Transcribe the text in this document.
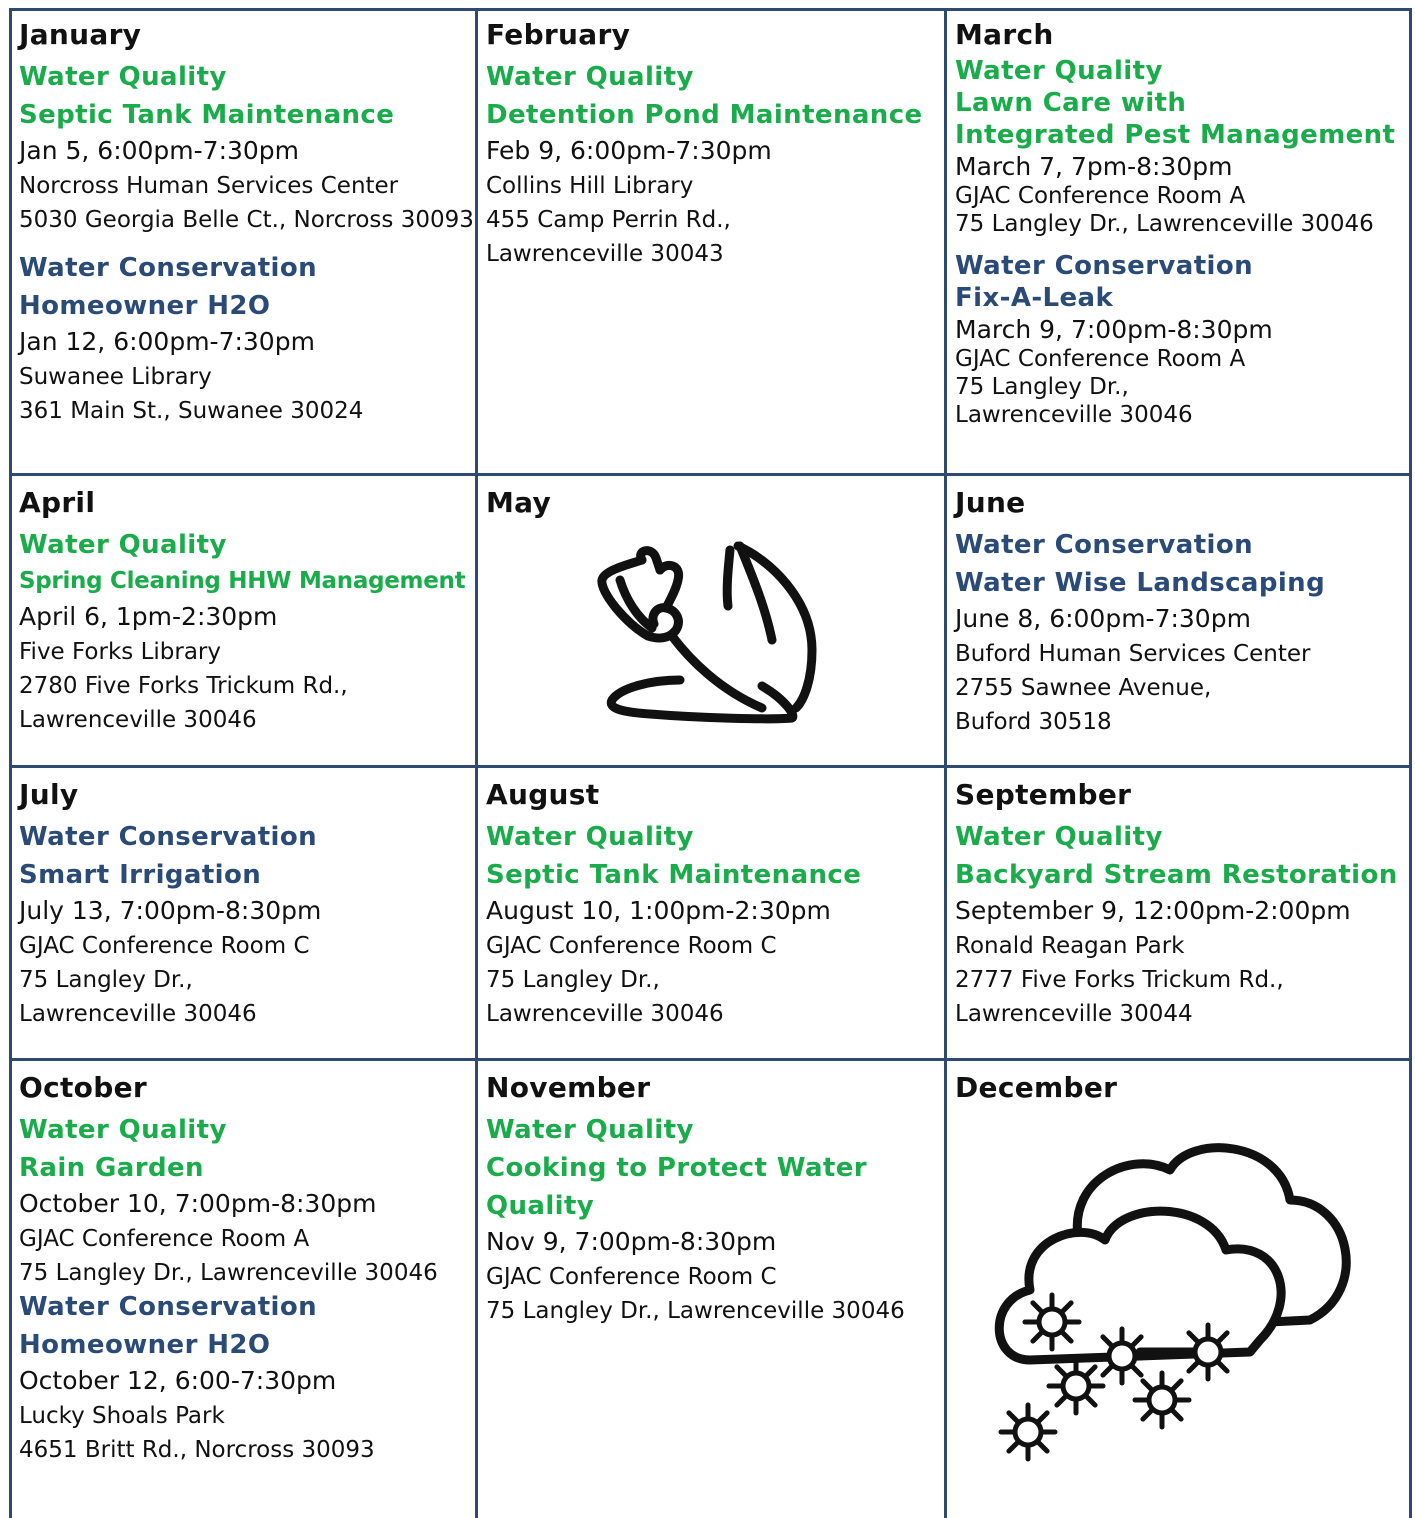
January

Water Quality

Septic Tank Maintenance

Jan 5, 6:00pm-7:30pm

Norcross Human Services Center

5030 Georgia Belle Ct., Norcross 30093

Water Conservation

Homeowner H2O

Jan 12, 6:00pm-7:30pm

Suwanee Library

361 Main St., Suwanee 30024

February

Water Quality

Detention Pond Maintenance

Feb 9, 6:00pm-7:30pm

Collins Hill Library

455 Camp Perrin Rd.,

Lawrenceville 30043

March

Water Quality

Lawn Care with

Integrated Pest Management

March 7, 7pm-8:30pm

GJAC Conference Room A

75 Langley Dr., Lawrenceville 30046

Water Conservation

Fix-A-Leak

March 9, 7:00pm-8:30pm

GJAC Conference Room A

75 Langley Dr.,

Lawrenceville 30046

April

Water Quality

Spring Cleaning HHW Management

April 6, 1pm-2:30pm

Five Forks Library

2780 Five Forks Trickum Rd.,

Lawrenceville 30046

May	June

Water Conservation

Water Wise Landscaping

June 8, 6:00pm-7:30pm

Buford Human Services Center

2755 Sawnee Avenue,

Buford 30518

July

Water Conservation

Smart Irrigation

July 13, 7:00pm-8:30pm

GJAC Conference Room C

75 Langley Dr.,

Lawrenceville 30046

August

Water Quality

Septic Tank Maintenance

August 10, 1:00pm-2:30pm

GJAC Conference Room C

75 Langley Dr.,

Lawrenceville 30046

September

Water Quality

Backyard Stream Restoration

September 9, 12:00pm-2:00pm

Ronald Reagan Park

2777 Five Forks Trickum Rd.,

Lawrenceville 30044

October

Water Quality

Rain Garden

October 10, 7:00pm-8:30pm

GJAC Conference Room A

75 Langley Dr., Lawrenceville 30046

Water Conservation

Homeowner H2O

October 12, 6:00-7:30pm

Lucky Shoals Park

4651 Britt Rd., Norcross 30093

November

Water Quality

Cooking to Protect Water

Quality

Nov 9, 7:00pm-8:30pm

GJAC Conference Room C

75 Langley Dr., Lawrenceville 30046

December
